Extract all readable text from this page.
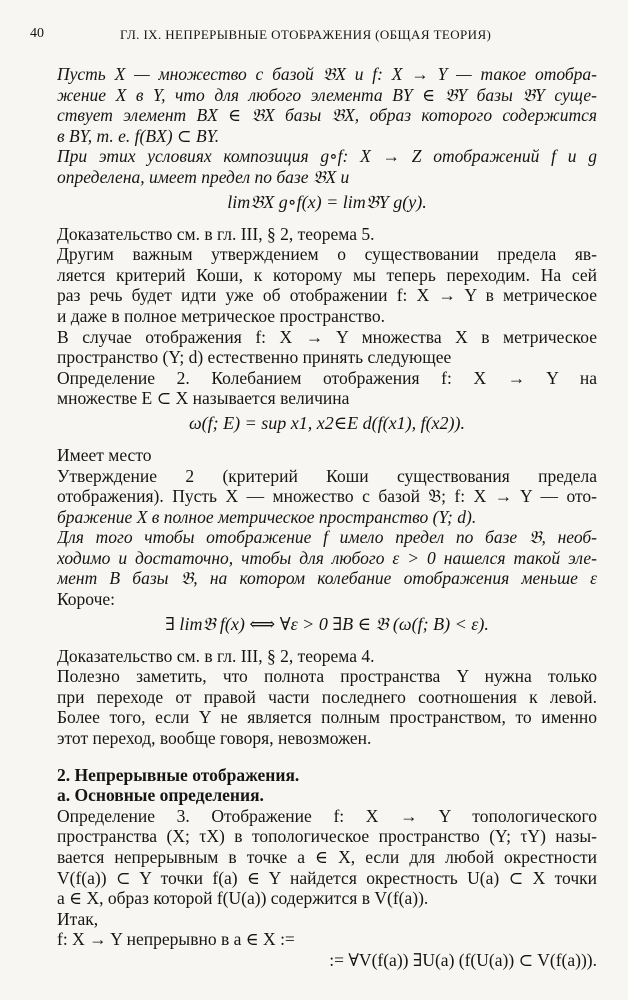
40	ГЛ. IX. НЕПРЕРЫВНЫЕ ОТОБРАЖЕНИЯ (ОБЩАЯ ТЕОРИЯ)
Пусть X — множество с базой 𝔅X и f: X → Y — такое отобра-
жение X в Y, что для любого элемента BY ∈ 𝔅Y базы 𝔅Y суще-
ствует элемент BX ∈ 𝔅X базы 𝔅X, образ которого содержится
в BY, т. е. f(BX) ⊂ BY.
При этих условиях композиция g∘f: X → Z отображений f и g
определена, имеет предел по базе 𝔅X и
lim𝔅X g∘f(x) = lim𝔅Y g(y).
Доказательство см. в гл. III, § 2, теорема 5.
Другим важным утверждением о существовании предела яв-
ляется критерий Коши, к которому мы теперь переходим. На сей
раз речь будет идти уже об отображении f: X → Y в метрическое
и даже в полное метрическое пространство.
В случае отображения f: X → Y множества X в метрическое
пространство (Y; d) естественно принять следующее
Определение 2. Колебанием отображения f: X → Y на
множестве E ⊂ X называется величина
ω(f; E) = sup x1, x2∈E d(f(x1), f(x2)).
Имеет место
Утверждение 2 (критерий Коши существования предела
отображения). Пусть X — множество с базой 𝔅; f: X → Y — ото-
бражение X в полное метрическое пространство (Y; d).
Для того чтобы отображение f имело предел по базе 𝔅, необ-
ходимо и достаточно, чтобы для любого ε > 0 нашелся такой эле-
мент B базы 𝔅, на котором колебание отображения меньше ε
Короче:
∃ lim𝔅 f(x) ⟺ ∀ε > 0 ∃B ∈ 𝔅 (ω(f; B) < ε).
Доказательство см. в гл. III, § 2, теорема 4.
Полезно заметить, что полнота пространства Y нужна только
при переходе от правой части последнего соотношения к левой.
Более того, если Y не является полным пространством, то именно
этот переход, вообще говоря, невозможен.
2. Непрерывные отображения.
а. Основные определения.
Определение 3. Отображение f: X → Y топологического
пространства (X; τX) в топологическое пространство (Y; τY) назы-
вается непрерывным в точке a ∈ X, если для любой окрестности
V(f(a)) ⊂ Y точки f(a) ∈ Y найдется окрестность U(a) ⊂ X точки
a ∈ X, образ которой f(U(a)) содержится в V(f(a)).
Итак,
f: X → Y непрерывно в a ∈ X :=
:= ∀V(f(a)) ∃U(a) (f(U(a)) ⊂ V(f(a))).
